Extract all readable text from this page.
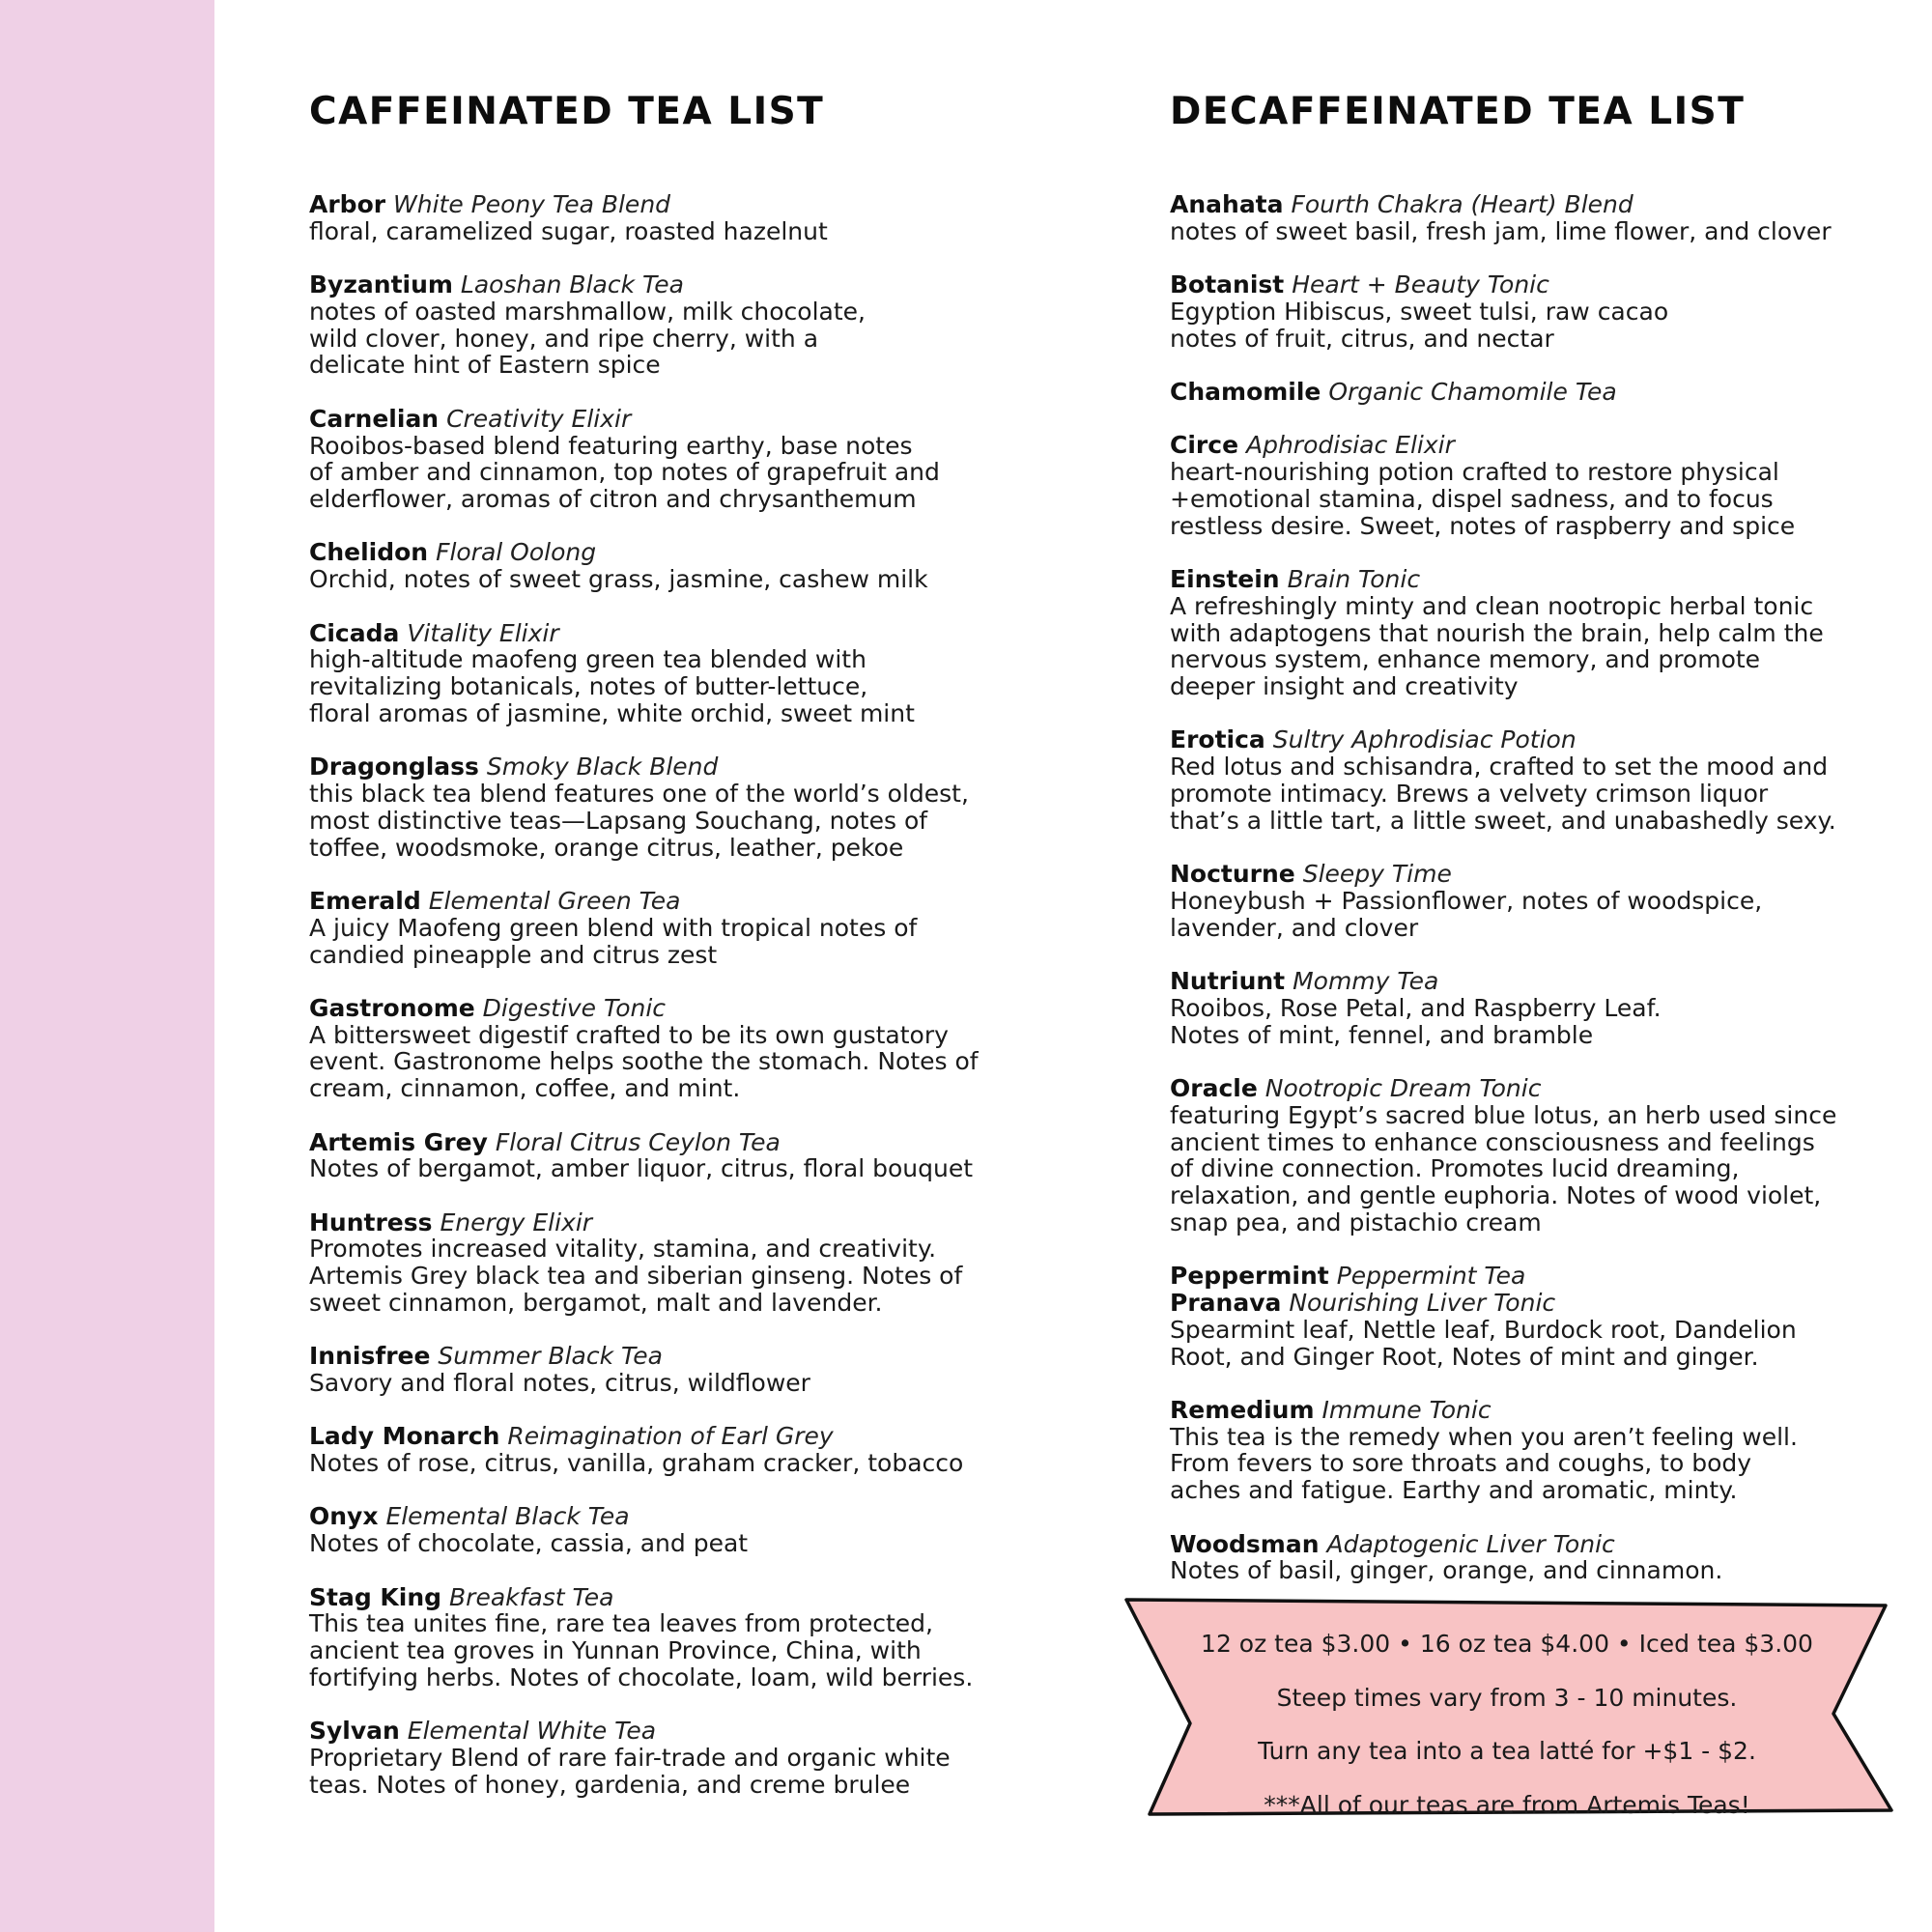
CAFFEINATED TEA LIST
Arbor White Peony Tea Blend
floral, caramelized sugar, roasted hazelnut
Byzantium Laoshan Black Tea
notes of oasted marshmallow, milk chocolate,
wild clover, honey, and ripe cherry, with a
delicate hint of Eastern spice
Carnelian Creativity Elixir
Rooibos-based blend featuring earthy, base notes
of amber and cinnamon, top notes of grapefruit and
elderflower, aromas of citron and chrysanthemum
Chelidon Floral Oolong
Orchid, notes of sweet grass, jasmine, cashew milk
Cicada Vitality Elixir
high-altitude maofeng green tea blended with
revitalizing botanicals, notes of butter-lettuce,
floral aromas of jasmine, white orchid, sweet mint
Dragonglass Smoky Black Blend
this black tea blend features one of the world’s oldest,
most distinctive teas—Lapsang Souchang, notes of
toffee, woodsmoke, orange citrus, leather, pekoe
Emerald Elemental Green Tea
A juicy Maofeng green blend with tropical notes of
candied pineapple and citrus zest
Gastronome Digestive Tonic
A bittersweet digestif crafted to be its own gustatory
event. Gastronome helps soothe the stomach. Notes of
cream, cinnamon, coffee, and mint.
Artemis Grey Floral Citrus Ceylon Tea
Notes of bergamot, amber liquor, citrus, floral bouquet
Huntress Energy Elixir
Promotes increased vitality, stamina, and creativity.
Artemis Grey black tea and siberian ginseng. Notes of
sweet cinnamon, bergamot, malt and lavender.
Innisfree Summer Black Tea
Savory and floral notes, citrus, wildflower
Lady Monarch Reimagination of Earl Grey
Notes of rose, citrus, vanilla, graham cracker, tobacco
Onyx Elemental Black Tea
Notes of chocolate, cassia, and peat
Stag King Breakfast Tea
This tea unites fine, rare tea leaves from protected,
ancient tea groves in Yunnan Province, China, with
fortifying herbs. Notes of chocolate, loam, wild berries.
Sylvan Elemental White Tea
Proprietary Blend of rare fair-trade and organic white
teas. Notes of honey, gardenia, and creme brulee
DECAFFEINATED TEA LIST
Anahata Fourth Chakra (Heart) Blend
notes of sweet basil, fresh jam, lime flower, and clover
Botanist Heart + Beauty Tonic
Egyption Hibiscus, sweet tulsi, raw cacao
notes of fruit, citrus, and nectar
Chamomile Organic Chamomile Tea
Circe Aphrodisiac Elixir
heart-nourishing potion crafted to restore physical
+emotional stamina, dispel sadness, and to focus
restless desire. Sweet, notes of raspberry and spice
Einstein Brain Tonic
A refreshingly minty and clean nootropic herbal tonic
with adaptogens that nourish the brain, help calm the
nervous system, enhance memory, and promote
deeper insight and creativity
Erotica Sultry Aphrodisiac Potion
Red lotus and schisandra, crafted to set the mood and
promote intimacy. Brews a velvety crimson liquor
that’s a little tart, a little sweet, and unabashedly sexy.
Nocturne Sleepy Time
Honeybush + Passionflower, notes of woodspice,
lavender, and clover
Nutriunt Mommy Tea
Rooibos, Rose Petal, and Raspberry Leaf.
Notes of mint, fennel, and bramble
Oracle Nootropic Dream Tonic
featuring Egypt’s sacred blue lotus, an herb used since
ancient times to enhance consciousness and feelings
of divine connection. Promotes lucid dreaming,
relaxation, and gentle euphoria. Notes of wood violet,
snap pea, and pistachio cream
Peppermint Peppermint Tea
Pranava Nourishing Liver Tonic
Spearmint leaf, Nettle leaf, Burdock root, Dandelion
Root, and Ginger Root, Notes of mint and ginger.
Remedium Immune Tonic
This tea is the remedy when you aren’t feeling well.
From fevers to sore throats and coughs, to body
aches and fatigue. Earthy and aromatic, minty.
Woodsman Adaptogenic Liver Tonic
Notes of basil, ginger, orange, and cinnamon.
12 oz tea $3.00 • 16 oz tea $4.00 • Iced tea $3.00
Steep times vary from 3 - 10 minutes.
Turn any tea into a tea latté for +$1 - $2.
***All of our teas are from Artemis Teas!
